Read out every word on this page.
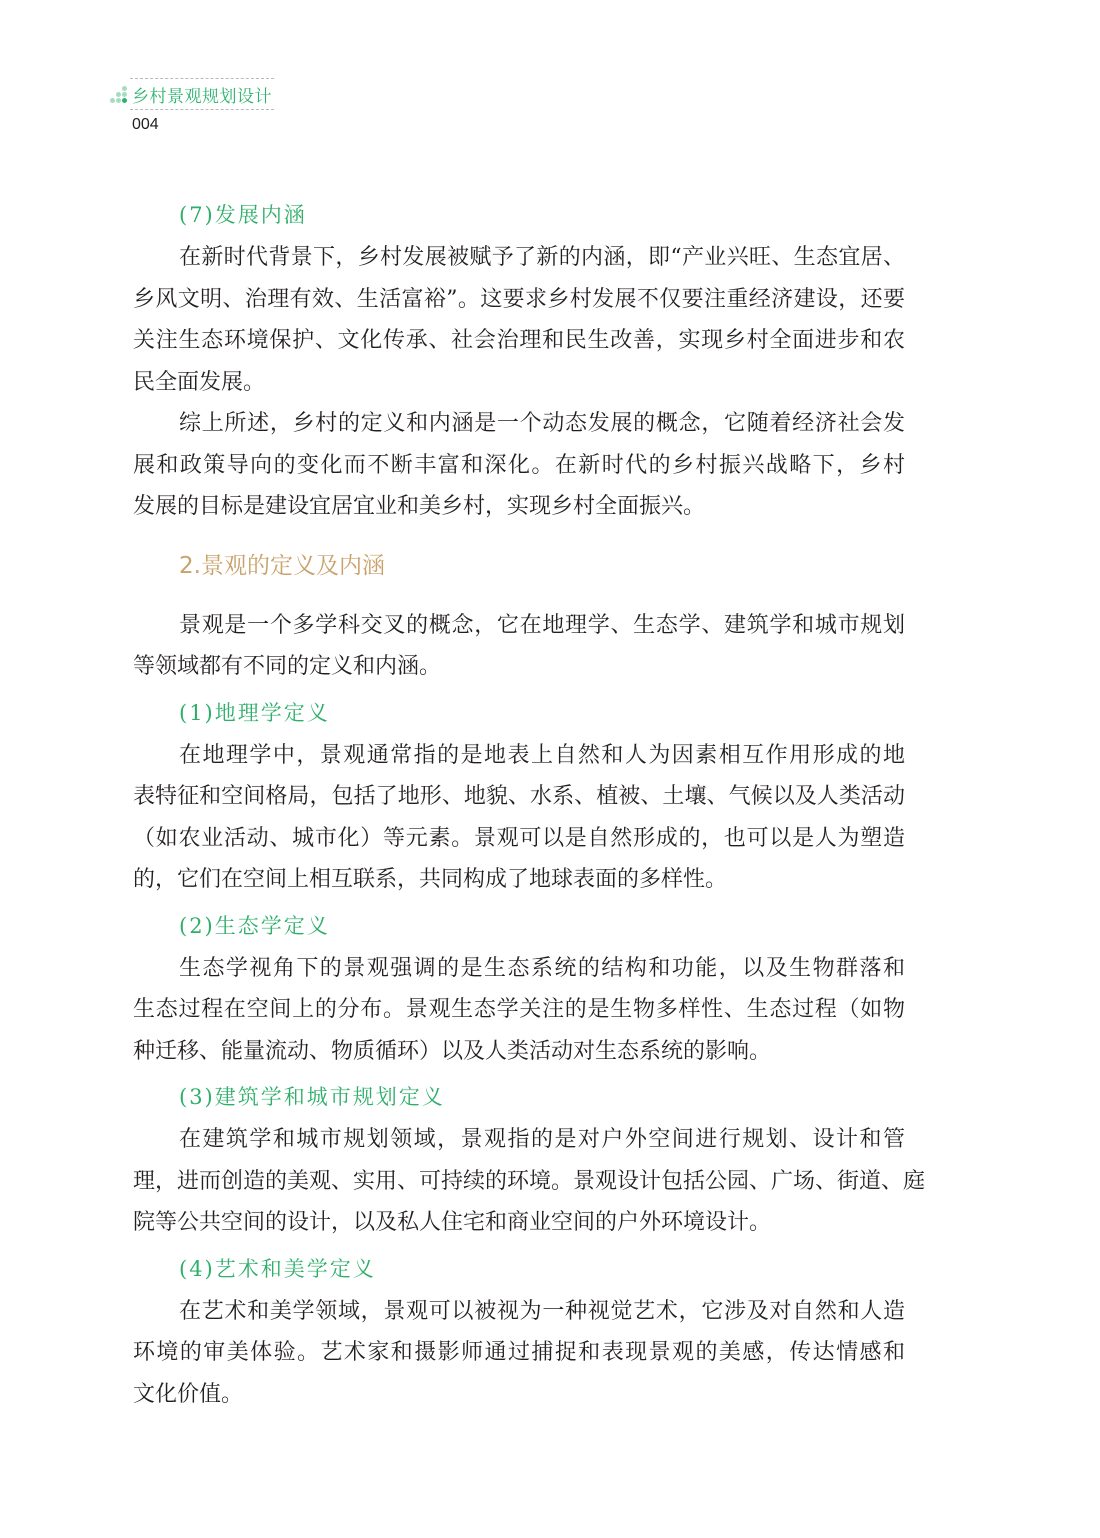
乡村景观规划设计
004
(7)发展内涵
在新时代背景下，乡村发展被赋予了新的内涵，即“产业兴旺、生态宜居、
乡风文明、治理有效、生活富裕”。这要求乡村发展不仅要注重经济建设，还要
关注生态环境保护、文化传承、社会治理和民生改善，实现乡村全面进步和农
民全面发展。
综上所述，乡村的定义和内涵是一个动态发展的概念，它随着经济社会发
展和政策导向的变化而不断丰富和深化。在新时代的乡村振兴战略下，乡村
发展的目标是建设宜居宜业和美乡村，实现乡村全面振兴。
2.景观的定义及内涵
景观是一个多学科交叉的概念，它在地理学、生态学、建筑学和城市规划
等领域都有不同的定义和内涵。
(1)地理学定义
在地理学中，景观通常指的是地表上自然和人为因素相互作用形成的地
表特征和空间格局，包括了地形、地貌、水系、植被、土壤、气候以及人类活动
（如农业活动、城市化）等元素。景观可以是自然形成的，也可以是人为塑造
的，它们在空间上相互联系，共同构成了地球表面的多样性。
(2)生态学定义
生态学视角下的景观强调的是生态系统的结构和功能，以及生物群落和
生态过程在空间上的分布。景观生态学关注的是生物多样性、生态过程（如物
种迁移、能量流动、物质循环）以及人类活动对生态系统的影响。
(3)建筑学和城市规划定义
在建筑学和城市规划领域，景观指的是对户外空间进行规划、设计和管
理，进而创造的美观、实用、可持续的环境。景观设计包括公园、广场、街道、庭
院等公共空间的设计，以及私人住宅和商业空间的户外环境设计。
(4)艺术和美学定义
在艺术和美学领域，景观可以被视为一种视觉艺术，它涉及对自然和人造
环境的审美体验。艺术家和摄影师通过捕捉和表现景观的美感，传达情感和
文化价值。
